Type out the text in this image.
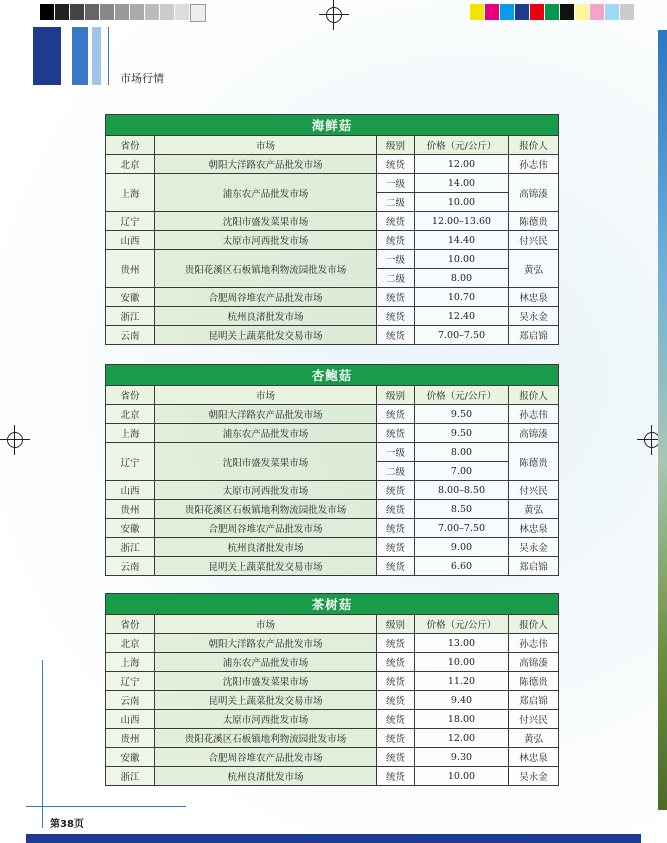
市场行情
海鲜菇				
省份	市场	级别	价格（元/公斤）	报价人
北京	朝阳大洋路农产品批发市场	统货	12.00	孙志伟
上海	浦东农产品批发市场	一级	14.00	高锦湊
		二级	10.00	
辽宁	沈阳市盛发菜果市场	统货	12.00–13.60	陈德贵
山西	太原市河西批发市场	统货	14.40	付兴民
贵州	贵阳花溪区石板镇地利物流园批发市场	一级	10.00	黄弘
		二级	8.00	
安徽	合肥周谷堆农产品批发市场	统货	10.70	林忠泉
浙江	杭州良渚批发市场	统货	12.40	吴永金
云南	昆明关上蔬菜批发交易市场	统货	7.00–7.50	郑启锦
杏鲍菇				
省份	市场	级别	价格（元/公斤）	报价人
北京	朝阳大洋路农产品批发市场	统货	9.50	孙志伟
上海	浦东农产品批发市场	统货	9.50	高锦湊
辽宁	沈阳市盛发菜果市场	一级	8.00	陈德贵
		二级	7.00	
山西	太原市河西批发市场	统货	8.00–8.50	付兴民
贵州	贵阳花溪区石板镇地利物流园批发市场	统货	8.50	黄弘
安徽	合肥周谷堆农产品批发市场	统货	7.00–7.50	林忠泉
浙江	杭州良渚批发市场	统货	9.00	吴永金
云南	昆明关上蔬菜批发交易市场	统货	6.60	郑启锦
茶树菇				
省份	市场	级别	价格（元/公斤）	报价人
北京	朝阳大洋路农产品批发市场	统货	13.00	孙志伟
上海	浦东农产品批发市场	统货	10.00	高锦湊
辽宁	沈阳市盛发菜果市场	统货	11.20	陈德贵
云南	昆明关上蔬菜批发交易市场	统货	9.40	郑启锦
山西	太原市河西批发市场	统货	18.00	付兴民
贵州	贵阳花溪区石板镇地利物流园批发市场	统货	12.00	黄弘
安徽	合肥周谷堆农产品批发市场	统货	9.30	林忠泉
浙江	杭州良渚批发市场	统货	10.00	吴永金
第38页
